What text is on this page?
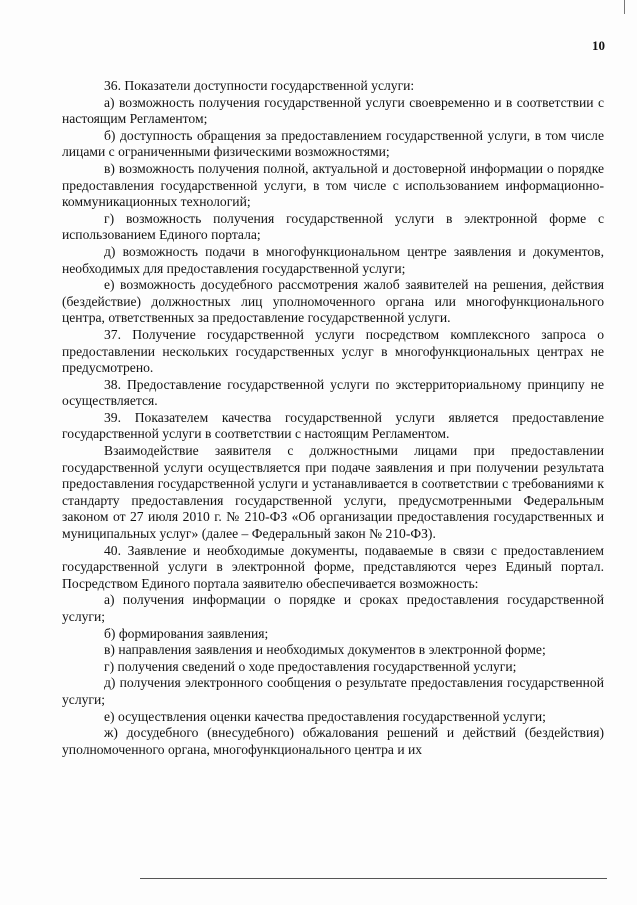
10

36. Показатели доступности государственной услуги:

а) возможность получения государственной услуги своевременно и в соответствии с настоящим Регламентом;

б) доступность обращения за предоставлением государственной услуги, в том числе лицами с ограниченными физическими возможностями;

в) возможность получения полной, актуальной и достоверной информации о порядке предоставления государственной услуги, в том числе с использованием информационно-коммуникационных технологий;

г) возможность получения государственной услуги в электронной форме с использованием Единого портала;

д) возможность подачи в многофункциональном центре заявления и документов, необходимых для предоставления государственной услуги;

е) возможность досудебного рассмотрения жалоб заявителей на решения, действия (бездействие) должностных лиц уполномоченного органа или многофункционального центра, ответственных за предоставление государственной услуги.

37. Получение государственной услуги посредством комплексного запроса о предоставлении нескольких государственных услуг в многофункциональных центрах не предусмотрено.

38. Предоставление государственной услуги по экстерриториальному принципу не осуществляется.

39. Показателем качества государственной услуги является предоставление государственной услуги в соответствии с настоящим Регламентом.

Взаимодействие заявителя с должностными лицами при предоставлении государственной услуги осуществляется при подаче заявления и при получении результата предоставления государственной услуги и устанавливается в соответствии с требованиями к стандарту предоставления государственной услуги, предусмотренными Федеральным законом от 27 июля 2010 г. № 210-ФЗ «Об организации предоставления государственных и муниципальных услуг» (далее – Федеральный закон № 210-ФЗ).

40. Заявление и необходимые документы, подаваемые в связи с предоставлением государственной услуги в электронной форме, представляются через Единый портал. Посредством Единого портала заявителю обеспечивается возможность:

а) получения информации о порядке и сроках предоставления государственной услуги;

б) формирования заявления;

в) направления заявления и необходимых документов в электронной форме;

г) получения сведений о ходе предоставления государственной услуги;

д) получения электронного сообщения о результате предоставления государственной услуги;

е) осуществления оценки качества предоставления государственной услуги;

ж) досудебного (внесудебного) обжалования решений и действий (бездействия) уполномоченного органа, многофункционального центра и их
